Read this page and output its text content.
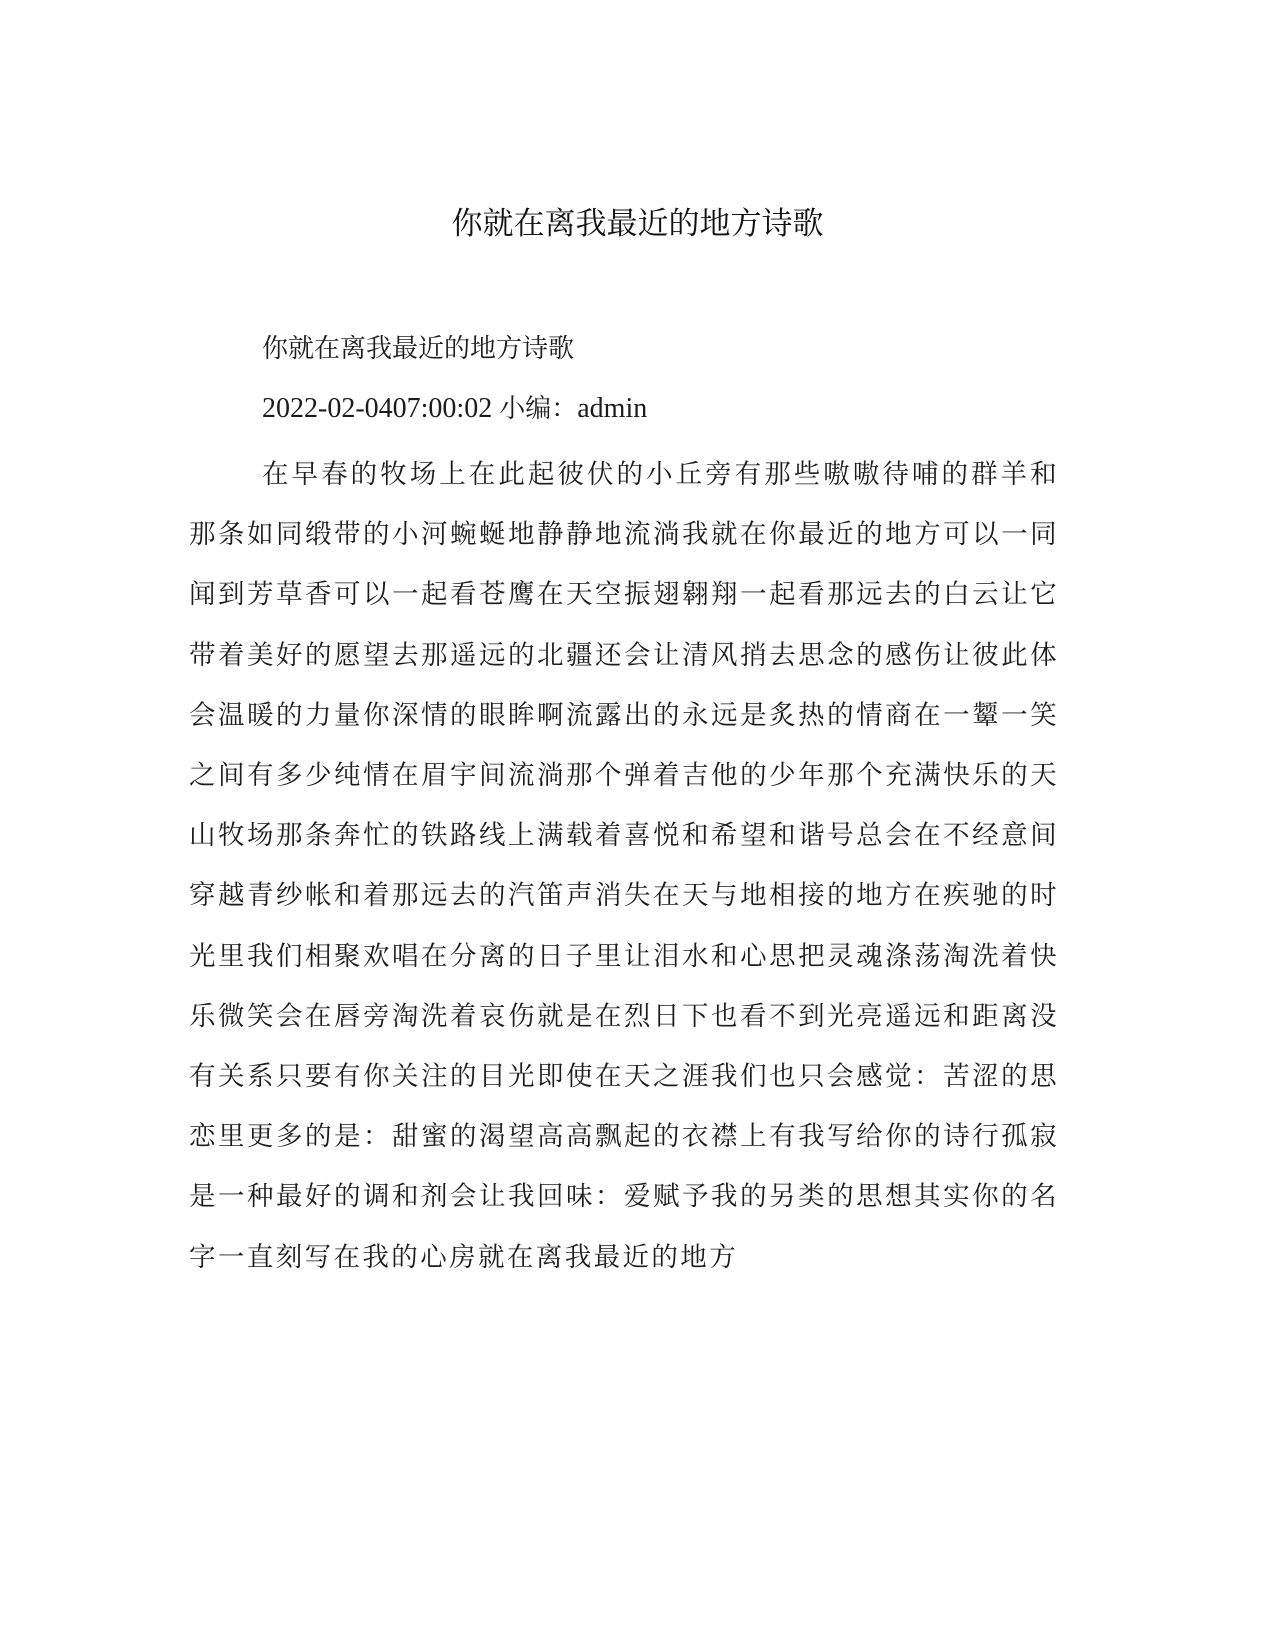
你就在离我最近的地方诗歌

你就在离我最近的地方诗歌

2022-02-0407:00:02 小编：admin

在早春的牧场上在此起彼伏的小丘旁有那些嗷嗷待哺的群羊和那条如同缎带的小河蜿蜒地静静地流淌我就在你最近的地方可以一同闻到芳草香可以一起看苍鹰在天空振翅翱翔一起看那远去的白云让它带着美好的愿望去那遥远的北疆还会让清风捎去思念的感伤让彼此体会温暖的力量你深情的眼眸啊流露出的永远是炙热的情商在一颦一笑之间有多少纯情在眉宇间流淌那个弹着吉他的少年那个充满快乐的天山牧场那条奔忙的铁路线上满载着喜悦和希望和谐号总会在不经意间穿越青纱帐和着那远去的汽笛声消失在天与地相接的地方在疾驰的时光里我们相聚欢唱在分离的日子里让泪水和心思把灵魂涤荡淘洗着快乐微笑会在唇旁淘洗着哀伤就是在烈日下也看不到光亮遥远和距离没有关系只要有你关注的目光即使在天之涯我们也只会感觉：苦涩的思恋里更多的是：甜蜜的渴望高高飘起的衣襟上有我写给你的诗行孤寂是一种最好的调和剂会让我回味：爱赋予我的另类的思想其实你的名字一直刻写在我的心房就在离我最近的地方
